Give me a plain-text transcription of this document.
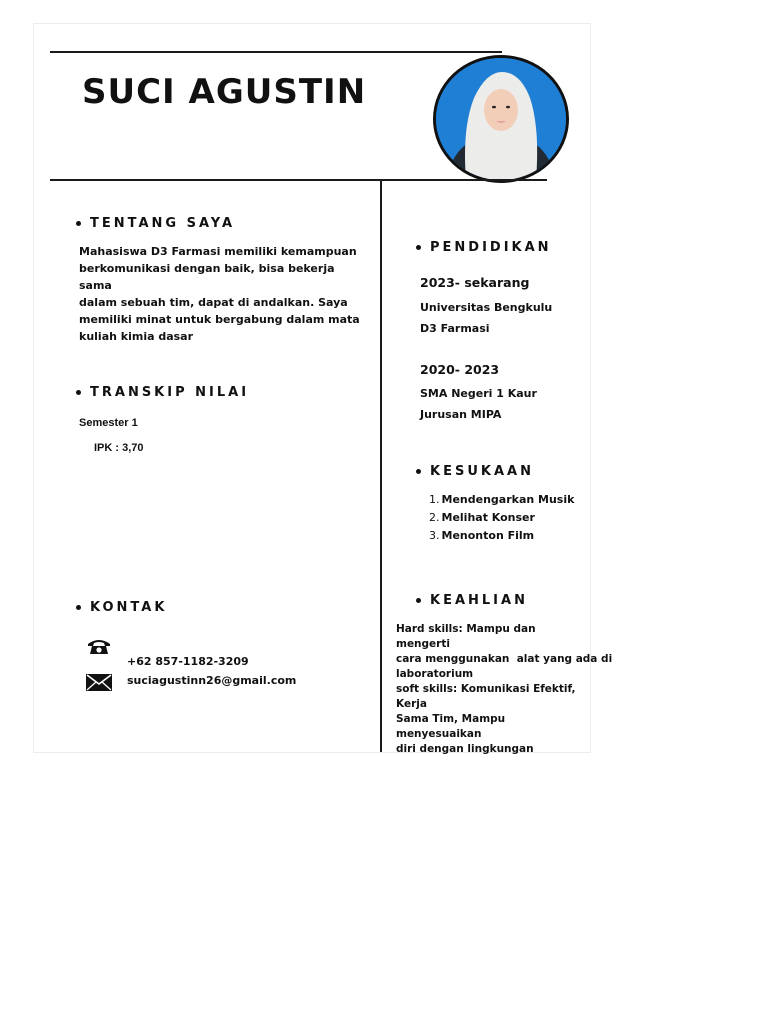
SUCI AGUSTIN
TENTANG SAYA
Mahasiswa D3 Farmasi memiliki kemampuan
berkomunikasi dengan baik, bisa bekerja sama
dalam sebuah tim, dapat di andalkan. Saya
memiliki minat untuk bergabung dalam mata
kuliah kimia dasar
TRANSKIP NILAI
Semester 1
IPK : 3,70
KONTAK
+62 857-1182-3209
suciagustinn26@gmail.com
PENDIDIKAN
2023- sekarang
Universitas Bengkulu
D3 Farmasi
2020- 2023
SMA Negeri 1 Kaur
Jurusan MIPA
KESUKAAN
1. Mendengarkan Musik
2. Melihat Konser
3. Menonton Film
KEAHLIAN
Hard skills: Mampu dan mengerti
cara menggunakan  alat yang ada di
laboratorium
soft skills: Komunikasi Efektif, Kerja
Sama Tim, Mampu menyesuaikan
diri dengan lingkungan
